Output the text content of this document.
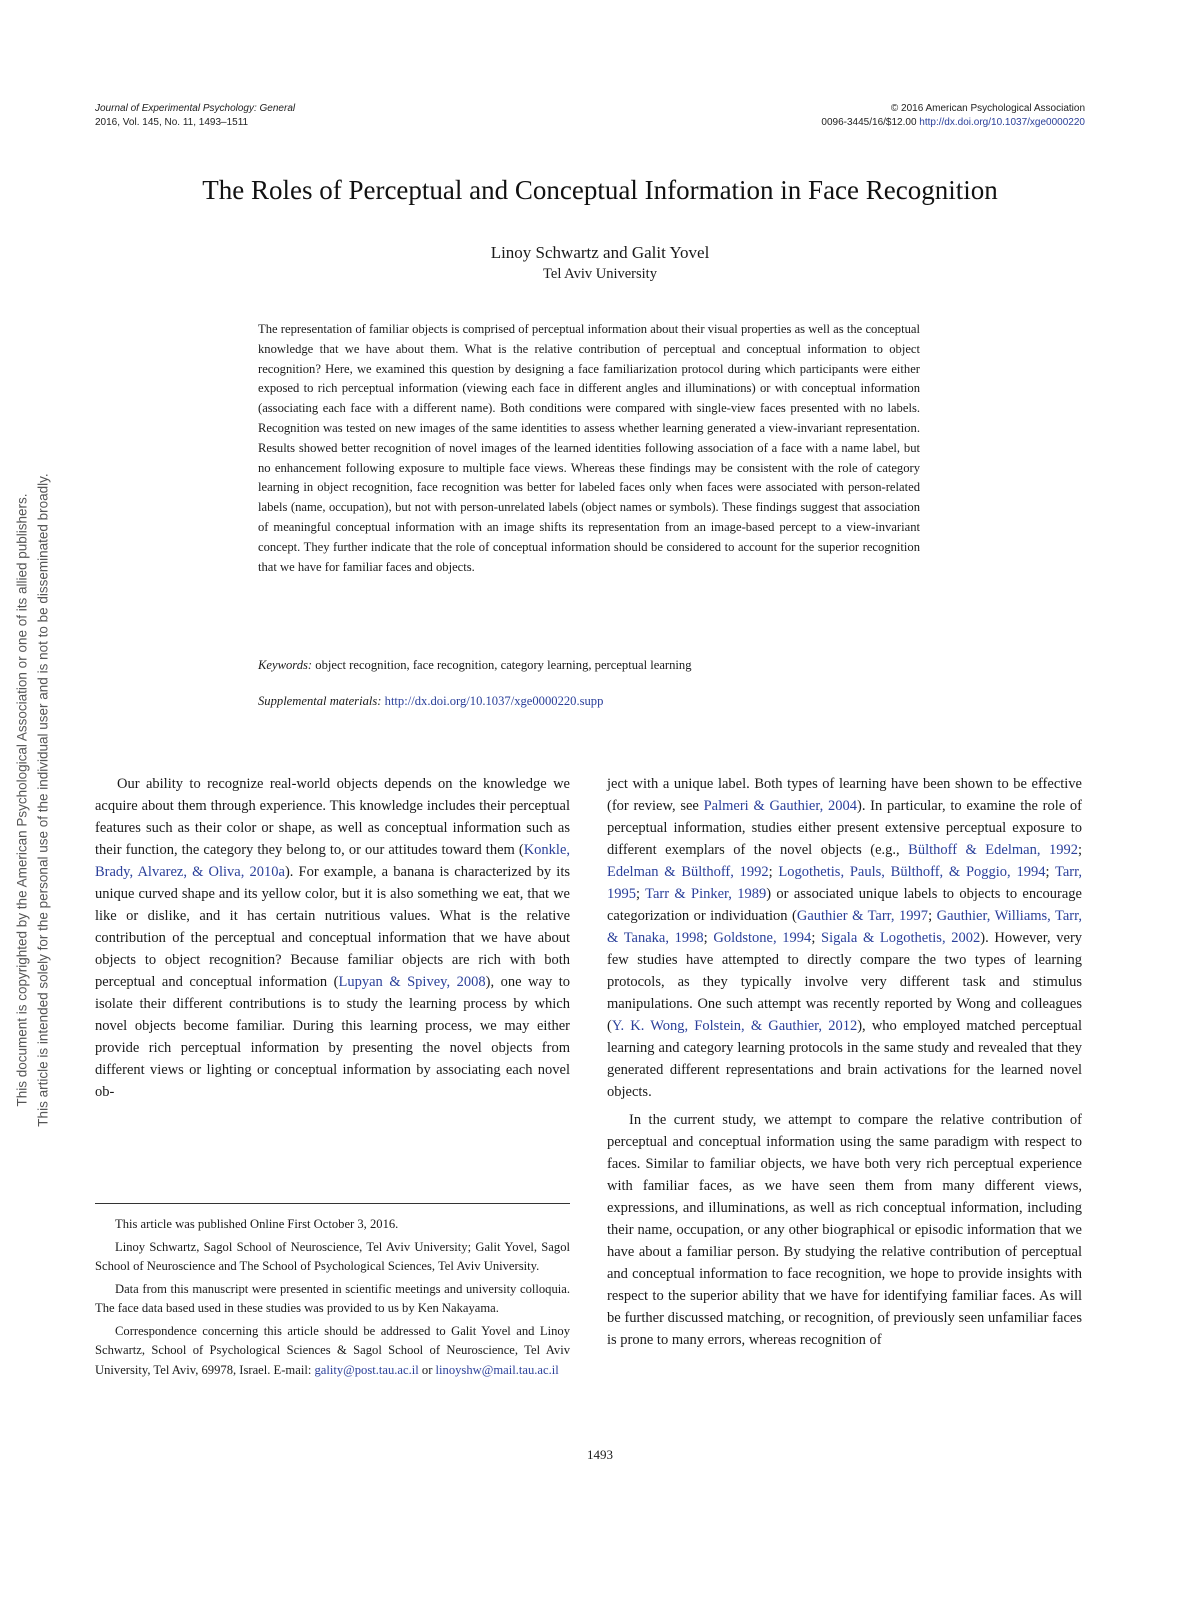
This document is copyrighted by the American Psychological Association or one of its allied publishers. This article is intended solely for the personal use of the individual user and is not to be disseminated broadly.
Journal of Experimental Psychology: General
2016, Vol. 145, No. 11, 1493–1511
© 2016 American Psychological Association
0096-3445/16/$12.00 http://dx.doi.org/10.1037/xge0000220
The Roles of Perceptual and Conceptual Information in Face Recognition
Linoy Schwartz and Galit Yovel
Tel Aviv University

The representation of familiar objects is comprised of perceptual information about their visual properties as well as the conceptual knowledge that we have about them. What is the relative contribution of perceptual and conceptual information to object recognition? Here, we examined this question by designing a face familiarization protocol during which participants were either exposed to rich perceptual information (viewing each face in different angles and illuminations) or with conceptual information (associating each face with a different name). Both conditions were compared with single-view faces presented with no labels. Recognition was tested on new images of the same identities to assess whether learning generated a view-invariant representation. Results showed better recognition of novel images of the learned identities following association of a face with a name label, but no enhancement following exposure to multiple face views. Whereas these findings may be consistent with the role of category learning in object recognition, face recognition was better for labeled faces only when faces were associated with person-related labels (name, occupation), but not with person-unrelated labels (object names or symbols). These findings suggest that association of meaningful conceptual information with an image shifts its representation from an image-based percept to a view-invariant concept. They further indicate that the role of conceptual information should be considered to account for the superior recognition that we have for familiar faces and objects.

Keywords: object recognition, face recognition, category learning, perceptual learning
Supplemental materials: http://dx.doi.org/10.1037/xge0000220.supp

Our ability to recognize real-world objects depends on the knowledge we acquire about them through experience. This knowledge includes their perceptual features such as their color or shape, as well as conceptual information such as their function, the category they belong to, or our attitudes toward them (Konkle, Brady, Alvarez, & Oliva, 2010a). For example, a banana is characterized by its unique curved shape and its yellow color, but it is also something we eat, that we like or dislike, and it has certain nutritious values. What is the relative contribution of the perceptual and conceptual information that we have about objects to object recognition? Because familiar objects are rich with both perceptual and conceptual information (Lupyan & Spivey, 2008), one way to isolate their different contributions is to study the learning process by which novel objects become familiar. During this learning process, we may either provide rich perceptual information by presenting the novel objects from different views or lighting or conceptual information by associating each novel ob-

This article was published Online First October 3, 2016.

Linoy Schwartz, Sagol School of Neuroscience, Tel Aviv University; Galit Yovel, Sagol School of Neuroscience and The School of Psychological Sciences, Tel Aviv University.

Data from this manuscript were presented in scientific meetings and university colloquia. The face data based used in these studies was provided to us by Ken Nakayama.

Correspondence concerning this article should be addressed to Galit Yovel and Linoy Schwartz, School of Psychological Sciences & Sagol School of Neuroscience, Tel Aviv University, Tel Aviv, 69978, Israel. E-mail: gality@post.tau.ac.il or linoyshw@mail.tau.ac.il

ject with a unique label. Both types of learning have been shown to be effective (for review, see Palmeri & Gauthier, 2004). In particular, to examine the role of perceptual information, studies either present extensive perceptual exposure to different exemplars of the novel objects (e.g., Bülthoff & Edelman, 1992; Edelman & Bülthoff, 1992; Logothetis, Pauls, Bülthoff, & Poggio, 1994; Tarr, 1995; Tarr & Pinker, 1989) or associated unique labels to objects to encourage categorization or individuation (Gauthier & Tarr, 1997; Gauthier, Williams, Tarr, & Tanaka, 1998; Goldstone, 1994; Sigala & Logothetis, 2002). However, very few studies have attempted to directly compare the two types of learning protocols, as they typically involve very different task and stimulus manipulations. One such attempt was recently reported by Wong and colleagues (Y. K. Wong, Folstein, & Gauthier, 2012), who employed matched perceptual learning and category learning protocols in the same study and revealed that they generated different representations and brain activations for the learned novel objects.

In the current study, we attempt to compare the relative contribution of perceptual and conceptual information using the same paradigm with respect to faces. Similar to familiar objects, we have both very rich perceptual experience with familiar faces, as we have seen them from many different views, expressions, and illuminations, as well as rich conceptual information, including their name, occupation, or any other biographical or episodic information that we have about a familiar person. By studying the relative contribution of perceptual and conceptual information to face recognition, we hope to provide insights with respect to the superior ability that we have for identifying familiar faces. As will be further discussed matching, or recognition, of previously seen unfamiliar faces is prone to many errors, whereas recognition of

1493
